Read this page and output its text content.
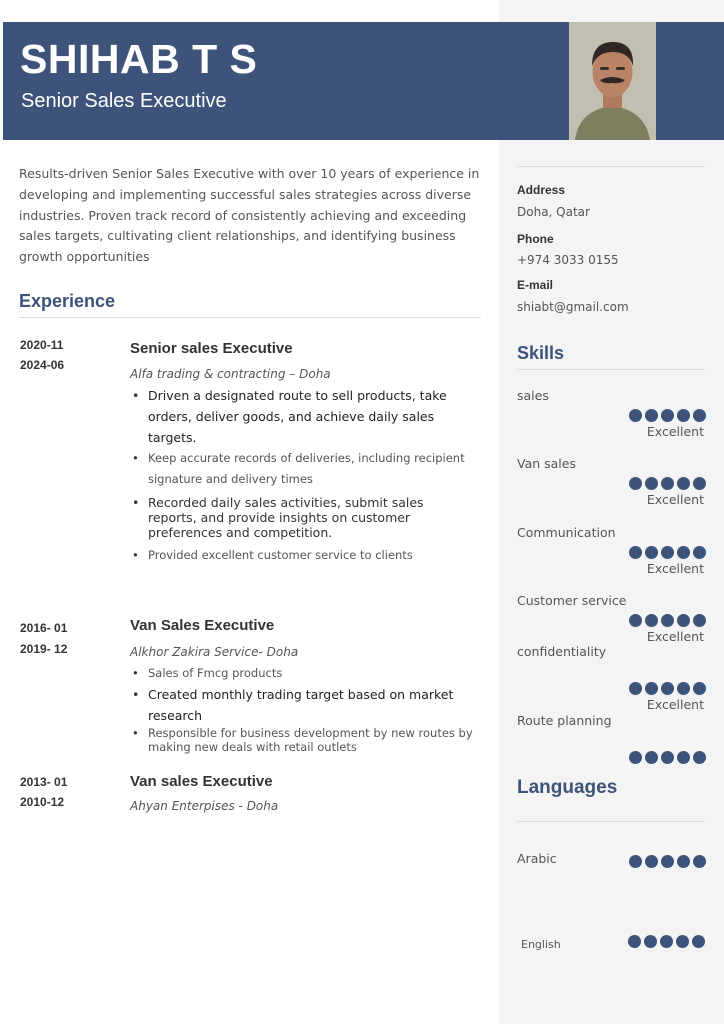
SHIHAB T S
Senior Sales Executive
Results-driven Senior Sales Executive with over 10 years of experience in developing and implementing successful sales strategies across diverse industries. Proven track record of consistently achieving and exceeding sales targets, cultivating client relationships, and identifying business growth opportunities
Experience
2020-11
2024-06
Senior sales Executive
Alfa trading & contracting – Doha
• Driven a designated route to sell products, take orders, deliver goods, and achieve daily sales targets.
• Keep accurate records of deliveries, including recipient signature and delivery times
• Recorded daily sales activities, submit sales reports, and provide insights on customer preferences and competition.
• Provided excellent customer service to clients
2016- 01
2019- 12
Van Sales Executive
Alkhor Zakira Service- Doha
• Sales of Fmcg products
• Created monthly trading target based on market research
• Responsible for business development by new routes by making new deals with retail outlets
2013- 01
2010-12
Van sales Executive
Ahyan Enterpises - Doha
Address
Doha, Qatar
Phone
+974 3033 0155
E-mail
shiabt@gmail.com
Skills
sales
Excellent
Van sales
Excellent
Communication
Excellent
Customer service
Excellent
confidentiality
Excellent
Route planning
Languages
Arabic
English
